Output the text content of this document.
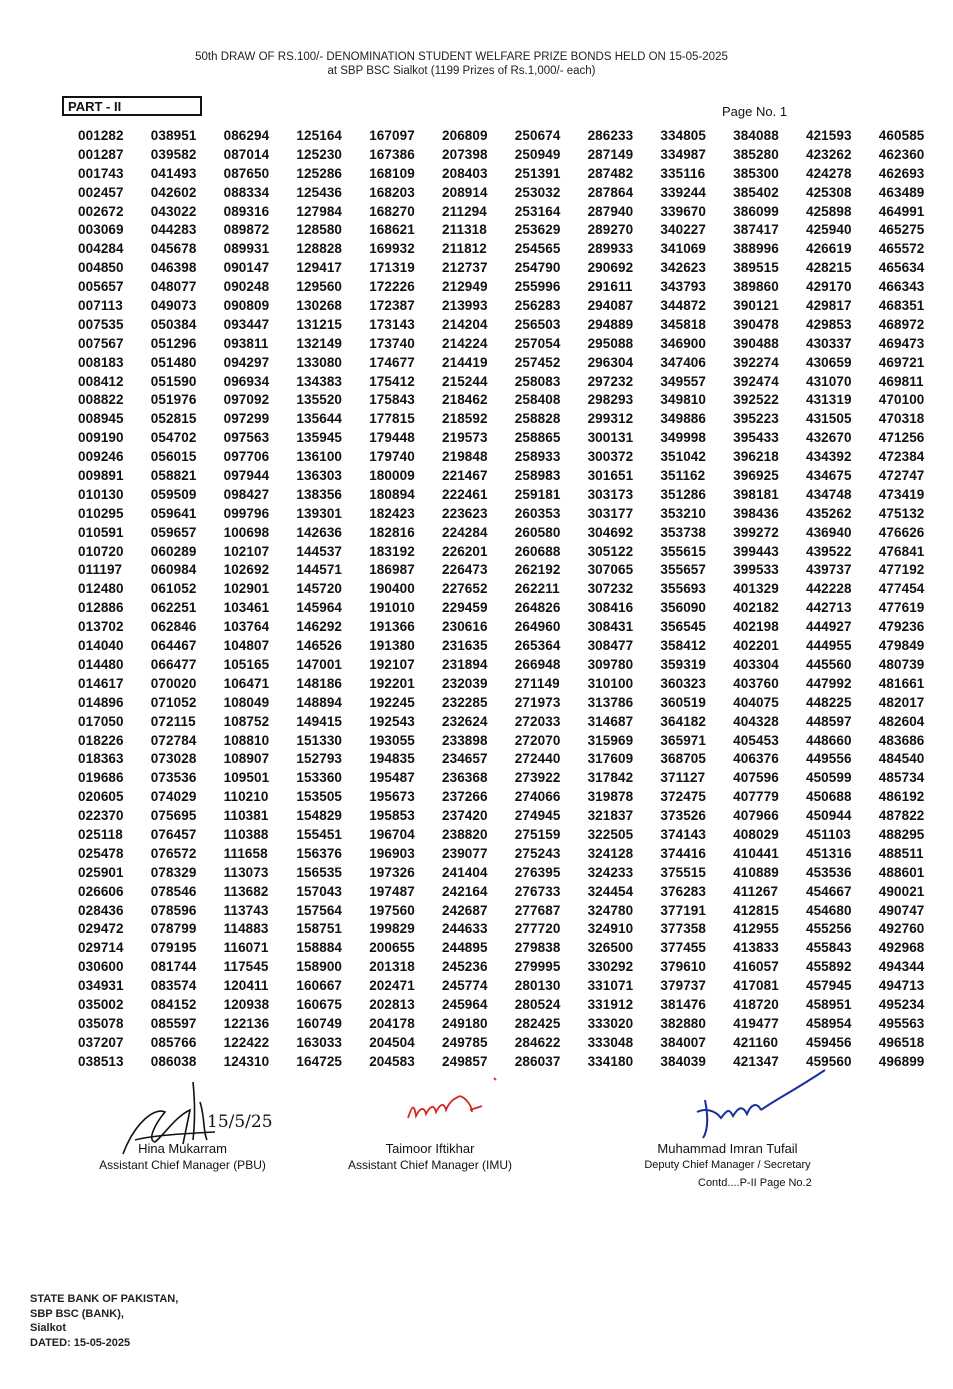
50th DRAW OF RS.100/- DENOMINATION STUDENT WELFARE PRIZE BONDS HELD ON 15-05-2025
at SBP BSC Sialkot (1199 Prizes of Rs.1,000/- each)
PART - II	Page No. 1
001282	038951	086294	125164	167097	206809	250674	286233	334805	384088	421593	460585
001287	039582	087014	125230	167386	207398	250949	287149	334987	385280	423262	462360
001743	041493	087650	125286	168109	208403	251391	287482	335116	385300	424278	462693
002457	042602	088334	125436	168203	208914	253032	287864	339244	385402	425308	463489
002672	043022	089316	127984	168270	211294	253164	287940	339670	386099	425898	464991
003069	044283	089872	128580	168621	211318	253629	289270	340227	387417	425940	465275
004284	045678	089931	128828	169932	211812	254565	289933	341069	388996	426619	465572
004850	046398	090147	129417	171319	212737	254790	290692	342623	389515	428215	465634
005657	048077	090248	129560	172226	212949	255996	291611	343793	389860	429170	466343
007113	049073	090809	130268	172387	213993	256283	294087	344872	390121	429817	468351
007535	050384	093447	131215	173143	214204	256503	294889	345818	390478	429853	468972
007567	051296	093811	132149	173740	214224	257054	295088	346900	390488	430337	469473
008183	051480	094297	133080	174677	214419	257452	296304	347406	392274	430659	469721
008412	051590	096934	134383	175412	215244	258083	297232	349557	392474	431070	469811
008822	051976	097092	135520	175843	218462	258408	298293	349810	392522	431319	470100
008945	052815	097299	135644	177815	218592	258828	299312	349886	395223	431505	470318
009190	054702	097563	135945	179448	219573	258865	300131	349998	395433	432670	471256
009246	056015	097706	136100	179740	219848	258933	300372	351042	396218	434392	472384
009891	058821	097944	136303	180009	221467	258983	301651	351162	396925	434675	472747
010130	059509	098427	138356	180894	222461	259181	303173	351286	398181	434748	473419
010295	059641	099796	139301	182423	223623	260353	303177	353210	398436	435262	475132
010591	059657	100698	142636	182816	224284	260580	304692	353738	399272	436940	476626
010720	060289	102107	144537	183192	226201	260688	305122	355615	399443	439522	476841
011197	060984	102692	144571	186987	226473	262192	307065	355657	399533	439737	477192
012480	061052	102901	145720	190400	227652	262211	307232	355693	401329	442228	477454
012886	062251	103461	145964	191010	229459	264826	308416	356090	402182	442713	477619
013702	062846	103764	146292	191366	230616	264960	308431	356545	402198	444927	479236
014040	064467	104807	146526	191380	231635	265364	308477	358412	402201	444955	479849
014480	066477	105165	147001	192107	231894	266948	309780	359319	403304	445560	480739
014617	070020	106471	148186	192201	232039	271149	310100	360323	403760	447992	481661
014896	071052	108049	148894	192245	232285	271973	313786	360519	404075	448225	482017
017050	072115	108752	149415	192543	232624	272033	314687	364182	404328	448597	482604
018226	072784	108810	151330	193055	233898	272070	315969	365971	405453	448660	483686
018363	073028	108907	152793	194835	234657	272440	317609	368705	406376	449556	484540
019686	073536	109501	153360	195487	236368	273922	317842	371127	407596	450599	485734
020605	074029	110210	153505	195673	237266	274066	319878	372475	407779	450688	486192
022370	075695	110381	154829	195853	237420	274945	321837	373526	407966	450944	487822
025118	076457	110388	155451	196704	238820	275159	322505	374143	408029	451103	488295
025478	076572	111658	156376	196903	239077	275243	324128	374416	410441	451316	488511
025901	078329	113073	156535	197326	241404	276395	324233	375515	410889	453536	488601
026606	078546	113682	157043	197487	242164	276733	324454	376283	411267	454667	490021
028436	078596	113743	157564	197560	242687	277687	324780	377191	412815	454680	490747
029472	078799	114883	158751	199829	244633	277720	324910	377358	412955	455256	492760
029714	079195	116071	158884	200655	244895	279838	326500	377455	413833	455843	492968
030600	081744	117545	158900	201318	245236	279995	330292	379610	416057	455892	494344
034931	083574	120411	160667	202471	245774	280130	331071	379737	417081	457945	494713
035002	084152	120938	160675	202813	245964	280524	331912	381476	418720	458951	495234
035078	085597	122136	160749	204178	249180	282425	333020	382880	419477	458954	495563
037207	085766	122422	163033	204504	249785	284622	333048	384007	421160	459456	496518
038513	086038	124310	164725	204583	249857	286037	334180	384039	421347	459560	496899
15/5/25
Hina Mukarram
Assistant Chief Manager (PBU)
Taimoor Iftikhar
Assistant Chief Manager (IMU)
Muhammad Imran Tufail
Deputy Chief Manager / Secretary
Contd....P-II Page No.2
STATE BANK OF PAKISTAN,
SBP BSC (BANK),
Sialkot
DATED: 15-05-2025
